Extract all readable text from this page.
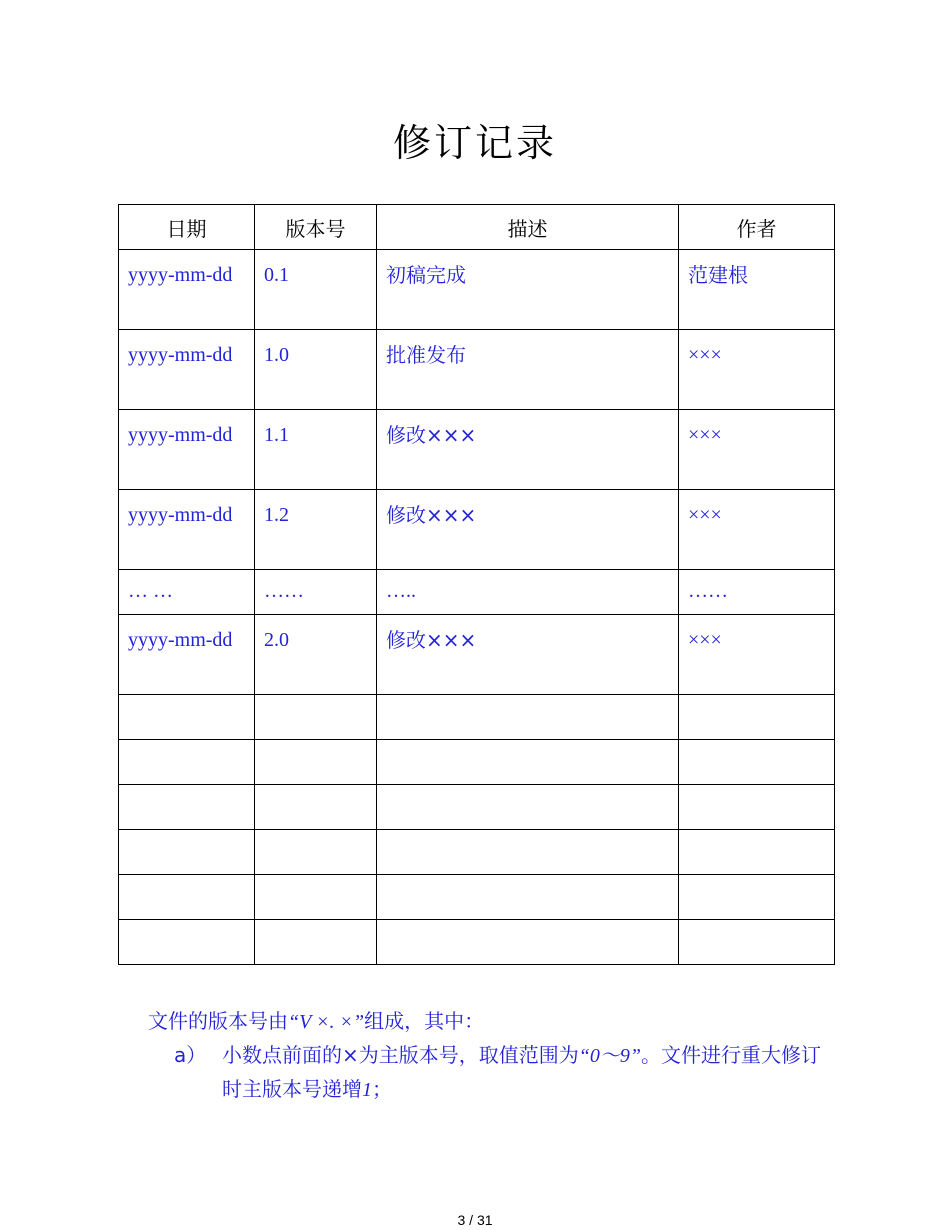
修订记录
日期	版本号	描述	作者

yyyy-mm-dd	0.1	初稿完成	范建根

yyyy-mm-dd	1.0	批准发布	×××

yyyy-mm-dd	1.1	修改×××	×××

yyyy-mm-dd	1.2	修改×××	×××

… …	……	…..	……

yyyy-mm-dd	2.0	修改×××	×××

文件的版本号由“V ×. ×”组成，其中：
a） 小数点前面的×为主版本号，取值范围为“0～9”。文件进行重大修订时主版本号递增1；
3 / 31
